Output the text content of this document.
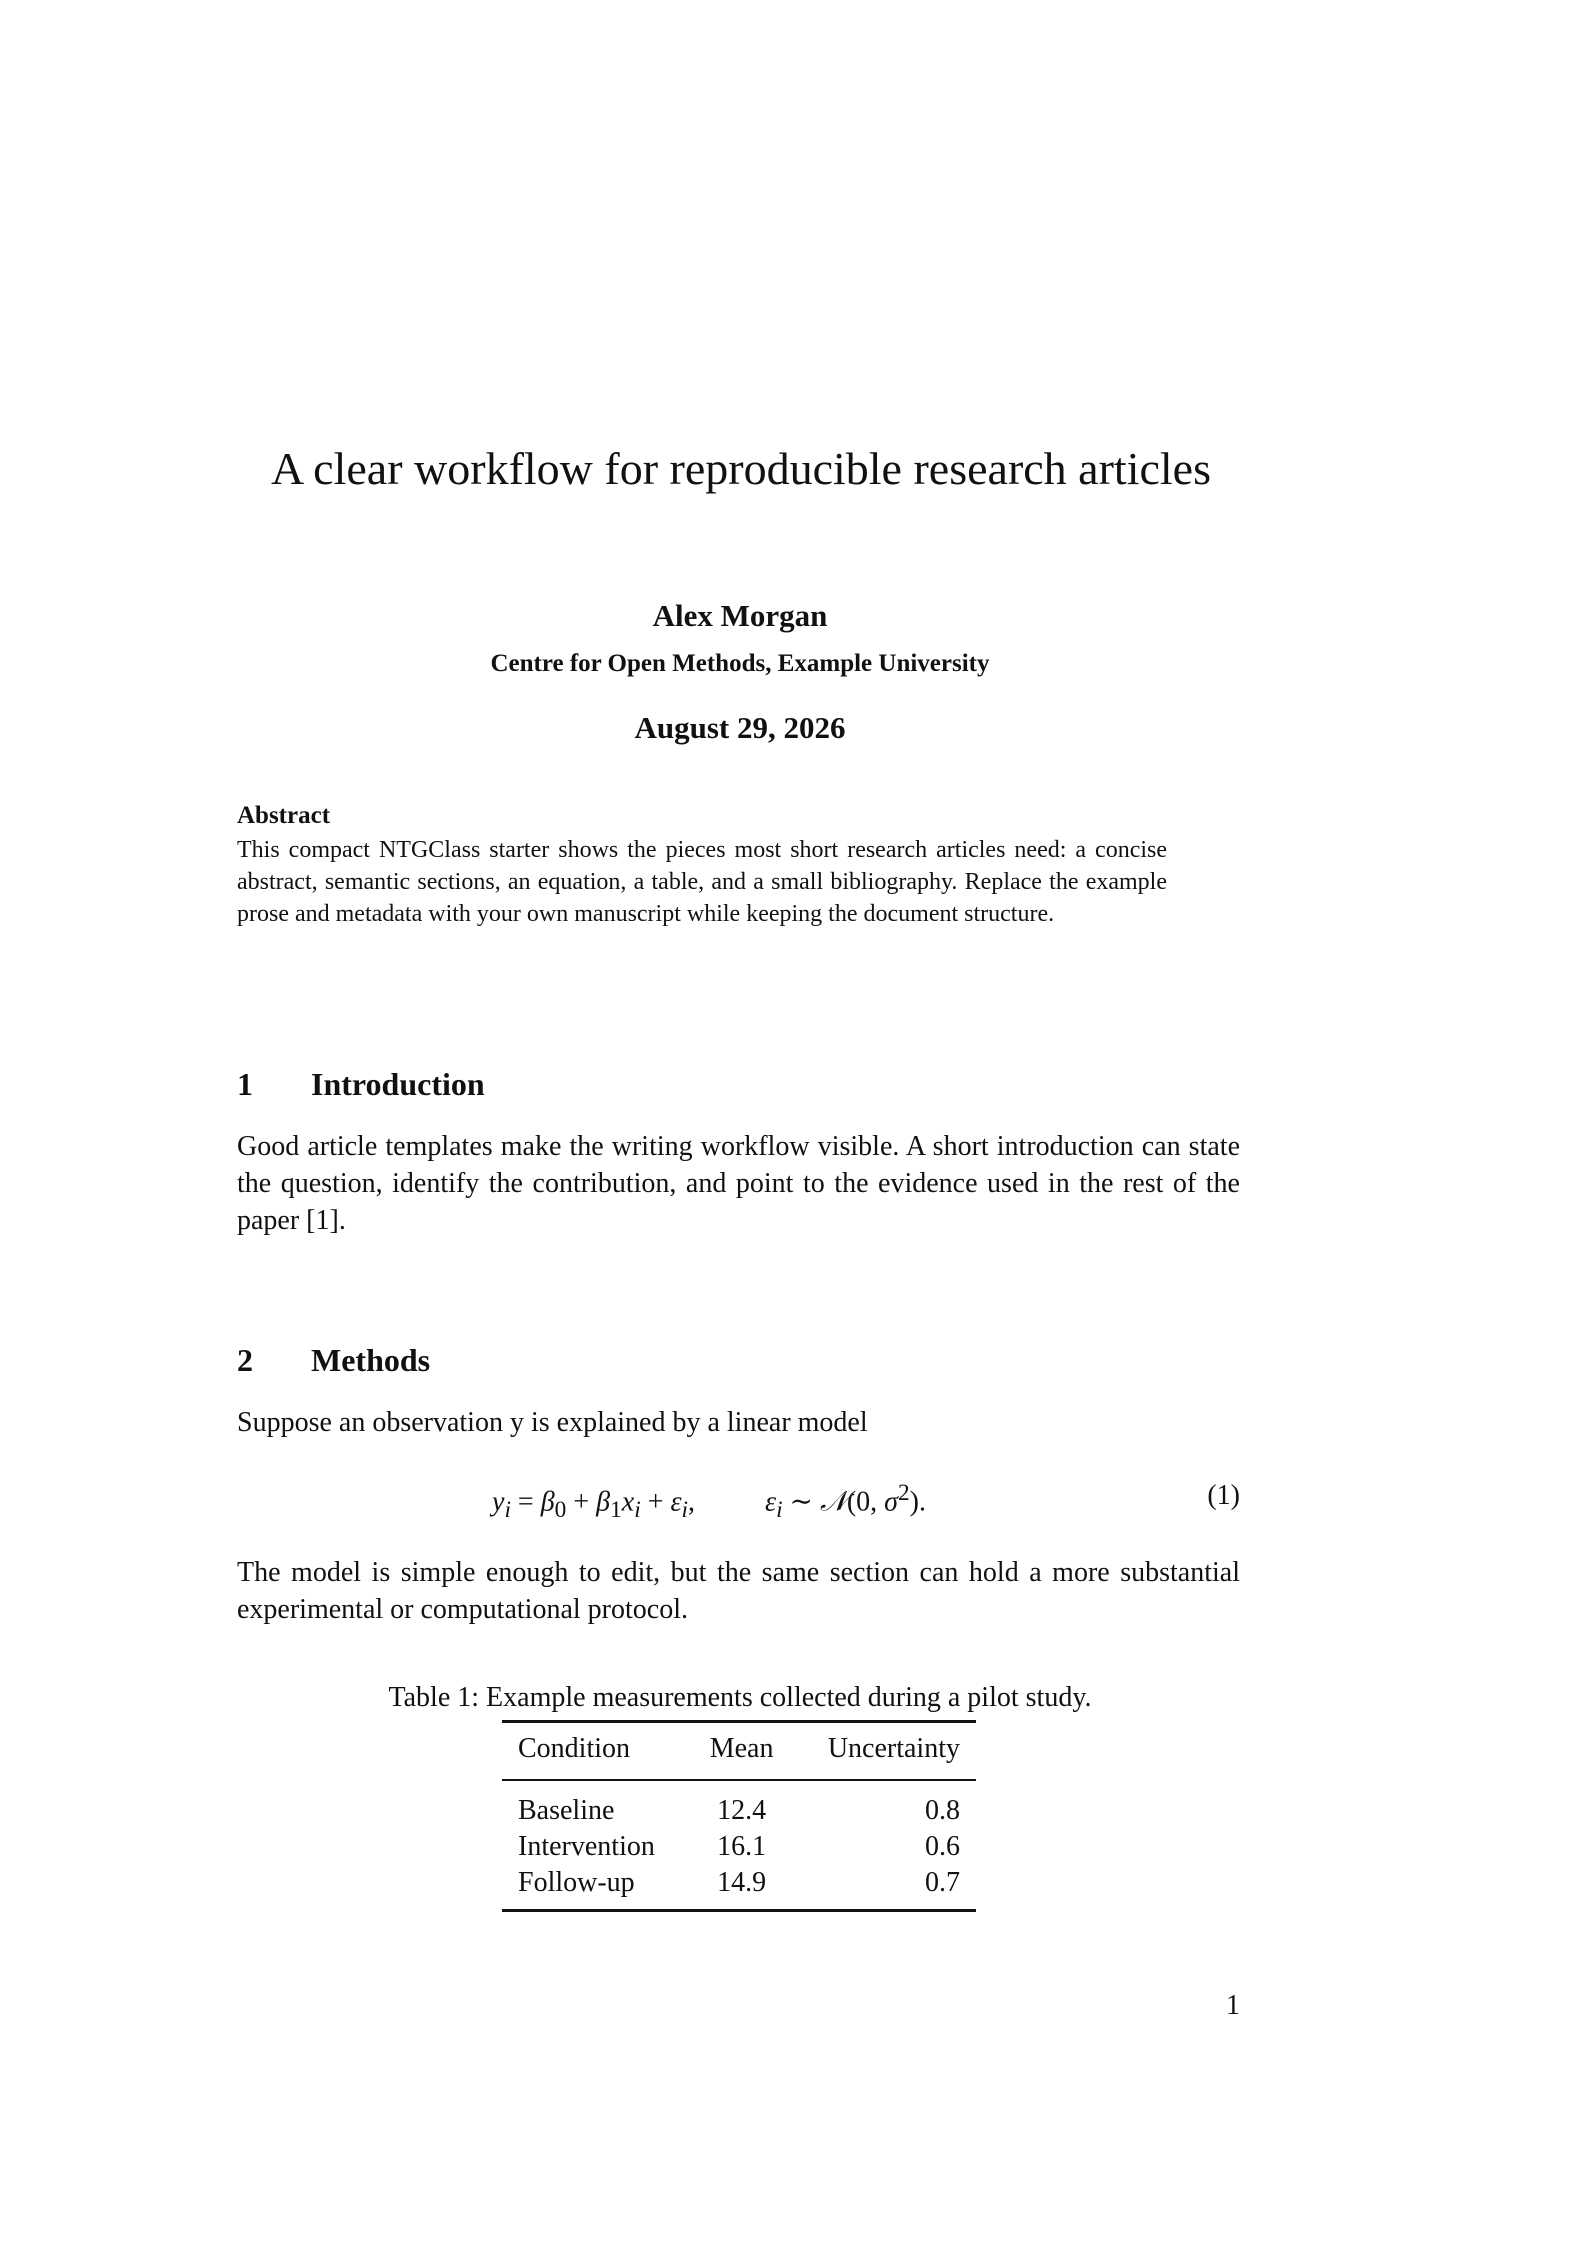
A clear workflow for reproducible research articles
Alex Morgan
Centre for Open Methods, Example University
August 29, 2026
Abstract
This compact NTGClass starter shows the pieces most short research articles need: a concise abstract, semantic sections, an equation, a table, and a small bibliography. Replace the example prose and metadata with your own manuscript while keeping the document structure.
1 Introduction
Good article templates make the writing workflow visible. A short introduction can state the question, identify the contribution, and point to the evidence used in the rest of the paper [1].
2 Methods
Suppose an observation y is explained by a linear model
$y_i = \beta_0 + \beta_1x_i + \varepsilon_i$,          $\varepsilon_i$ ∼ 𝒩(0, $\sigma^2$).	(1)
The model is simple enough to edit, but the same section can hold a more substantial experimental or computational protocol.
Table 1: Example measurements collected during a pilot study.
Condition	Mean	Uncertainty
Baseline	12.4	0.8
Intervention	16.1	0.6
Follow-up	14.9	0.7
1
